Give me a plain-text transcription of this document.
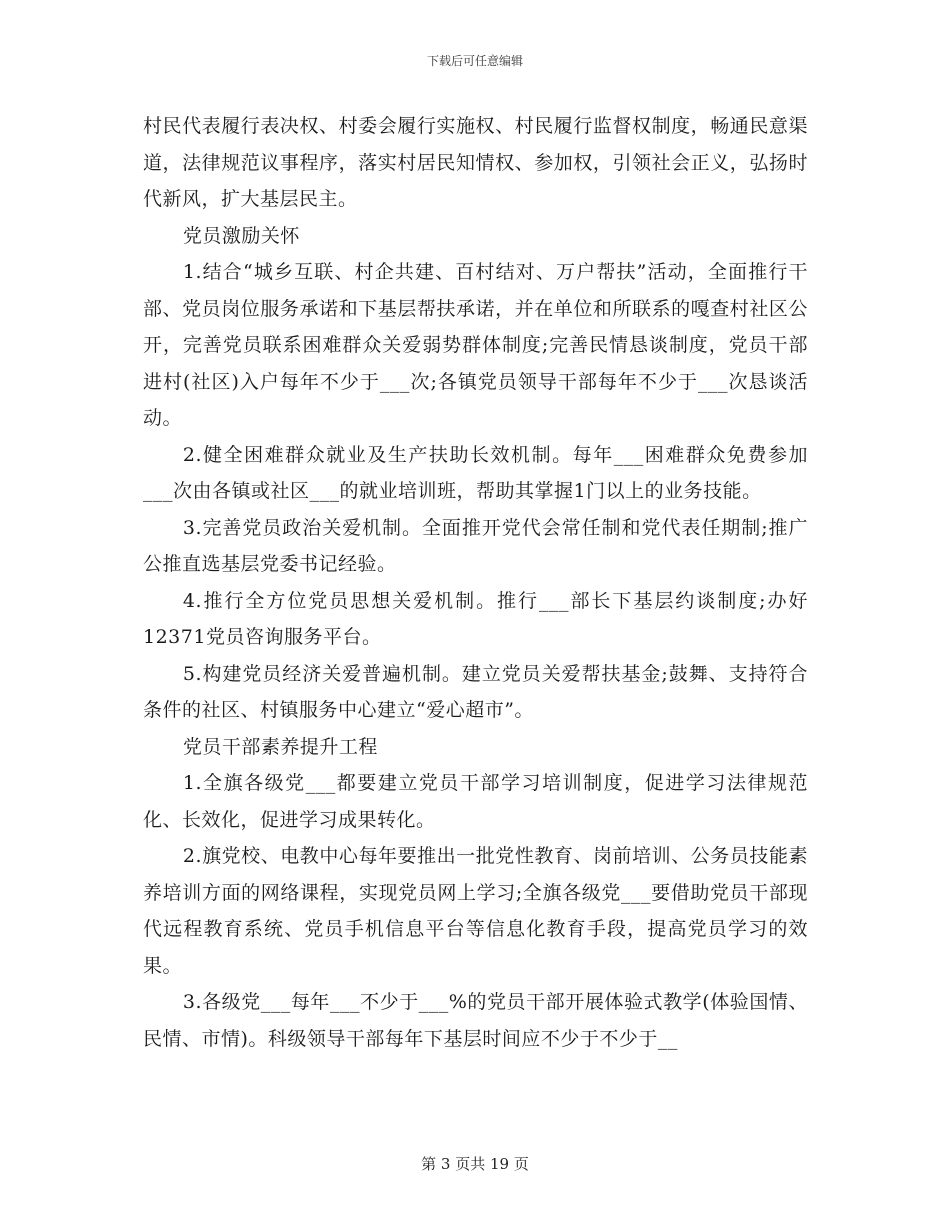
下载后可任意编辑

村民代表履行表决权、村委会履行实施权、村民履行监督权制度，畅通民意渠道，法律规范议事程序，落实村居民知情权、参加权，引领社会正义，弘扬时代新风，扩大基层民主。

党员激励关怀

1.结合“城乡互联、村企共建、百村结对、万户帮扶”活动，全面推行干部、党员岗位服务承诺和下基层帮扶承诺，并在单位和所联系的嘎查村社区公开，完善党员联系困难群众关爱弱势群体制度;完善民情恳谈制度，党员干部进村(社区)入户每年不少于___次;各镇党员领导干部每年不少于___次恳谈活动。

2.健全困难群众就业及生产扶助长效机制。每年___困难群众免费参加___次由各镇或社区___的就业培训班，帮助其掌握1门以上的业务技能。

3.完善党员政治关爱机制。全面推开党代会常任制和党代表任期制;推广公推直选基层党委书记经验。

4.推行全方位党员思想关爱机制。推行___部长下基层约谈制度;办好12371党员咨询服务平台。

5.构建党员经济关爱普遍机制。建立党员关爱帮扶基金;鼓舞、支持符合条件的社区、村镇服务中心建立“爱心超市”。

党员干部素养提升工程

1.全旗各级党___都要建立党员干部学习培训制度，促进学习法律规范化、长效化，促进学习成果转化。

2.旗党校、电教中心每年要推出一批党性教育、岗前培训、公务员技能素养培训方面的网络课程，实现党员网上学习;全旗各级党___要借助党员干部现代远程教育系统、党员手机信息平台等信息化教育手段，提高党员学习的效果。

3.各级党___每年___不少于___%的党员干部开展体验式教学(体验国情、民情、市情)。科级领导干部每年下基层时间应不少于不少于__

第 3 页共 19 页
